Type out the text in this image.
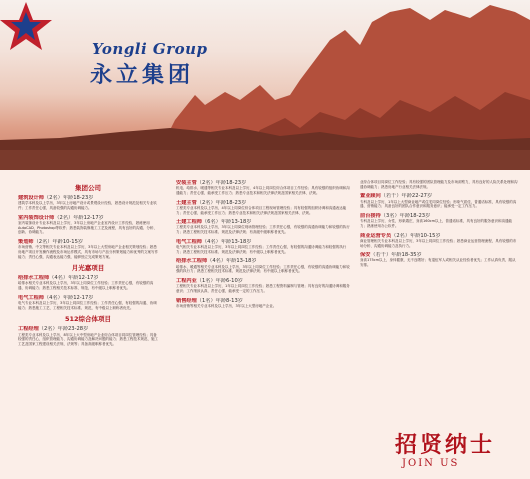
Yongli Group
永立集团
集团公司
建筑设计师（2名）年龄18-23岁

建筑学本科及以上学历，3年以上房地产设计或景观设计经验，熟悉设计规范及相关专业软件；工作责任心强，具备较强的沟通协调能力。

室内装饰设计师（2名）年龄12-17岁

室内装饰设计专业本科及以上学历，3年以上房地产企业室内设计工作经验，熟练使用AutoCAD、Photoshop等软件；熟悉装饰装修施工工艺及流程，具有良好的沟通、分析、创新、协调能力。

策划师（2名）年龄10-15岁

市场营销、中文等相关专业本科及以上学历，3年以上大型房地产企业相关策划经验；熟悉房地产项目开发操作流程及市场运作模式，具有市场与产品分析策划能力和优秀的文案写作能力；责任心强，沟通表达能力强，能够独立完成策划方案。

月光嘉项目
给排水工程师（4名）年龄12-17岁

给排水相关专业本科及以上学历，3年以上同岗位工作经验；工作责任心强，有较强的沟通、协调能力；熟悉工程相关技术标准、规范，有中级以上职称者优先。

电气工程师（4名）年龄12-17岁

电气专业本科及以上学历，3年以上同岗位工作经验；工作责任心强，有较强的沟通、协调能力；熟悉施工工艺、工程相关技术标准、规范，有中级以上职称者优先。

512综合体项目
工程经理（2名）年龄23-28岁

工程类专业本科及以上学历，8年以上大中型房地产企业综合体项目同岗位管理经验；具备较强的责任心，组织管理能力、沟通协调能力及解决问题的能力；熟悉工程技术规范、施工工艺及国家工程建设相关法规、法规等；具备高级职称者优先。

安装主管（2名）年龄18-23岁

机电、给排水、暖通等相关专业本科及以上学历，4年以上同岗位综合体项目工作经验；具有较强的组织协调和沟通能力；责任心强，能承受工作压力；熟悉专业技术和相关法律法规及国家相关法律、法规。

土建主管（2名）年龄18-23岁

工程类专业本科及以上学历，4年以上同岗位综合体项目工程现场管理经验；具有较强的组织协调和沟通表达能力；责任心强，能承受工作压力；熟悉专业技术和相关法律法规及国家相关法律、法规。

土建工程师（6名）年龄13-18岁

工程类专业本科及以上学历，3年以上同岗位现场管理经验；工作责任心强，有较强的沟通协调能力和较强的执行力；熟悉工程相关技术标准、规范及法律法规；有高级中级职称者优先。

电气工程师（4名）年龄13-18岁

电气相关专业本科及以上学历，3年以上同岗位工作经验；工作责任心强，有较强的沟通协调能力和较强的执行力；熟悉工程相关技术标准、规范及法律法规；有中级以上职称者优先。

给排水工程师（4名）年龄13-18岁

给排水、暖通等相关专业本科及以上学历，3年以上同岗位工作经验；工作责任心强，有较强的沟通协调能力和较强的执行力；熟悉工程相关技术标准、规范及法律法规；有中级以上职称者优先。

工程内业（1名）年龄6-10岁

工程相关专业本科及以上学历，1年以上同岗位工作经验；熟悉工程资料编制与管理；具有良好的沟通协调和服务意识；工作细致认真，责任心强，能承受一定的工作压力。

销售经理（1名）年龄8-13岁

市场营销等相关专业本科及以上学历，3年以上大型房地产企业。

业综合体项目同岗位工作经验；具有较强的团队管理能力及市场洞察力，具有良好的人际关系处理和沟通协调能力；熟悉房地产行业相关法律法规。
置业顾问（若干）年龄22-27岁

专科及以上学历，1年以上大型商业地产或住宅同岗位经验；形象气质佳，普通话标准，具有较强的沟通、营销能力；具备良好的团队合作意识和服务意识；能承受一定工作压力。

前台接待（3名）年龄18-23岁

专科及以上学历，女性，形象端庄，身高160cm以上，普通话标准，具有良好的服务意识和沟通能力；熟练使用办公软件。

商业运营专员（2名）年龄10-15岁

商业管理相关专业本科及以上学历，3年以上同岗位工作经验；熟悉商业运营管理流程，具有较强的市场分析、沟通协调能力及执行力。

保安（若干）年龄18-35岁

身高175cm以上，身体健康，无不良嗜好；有退伍军人或相关从业经验者优先；工作认真负责，服从安排。

招贤纳士
JOIN US
